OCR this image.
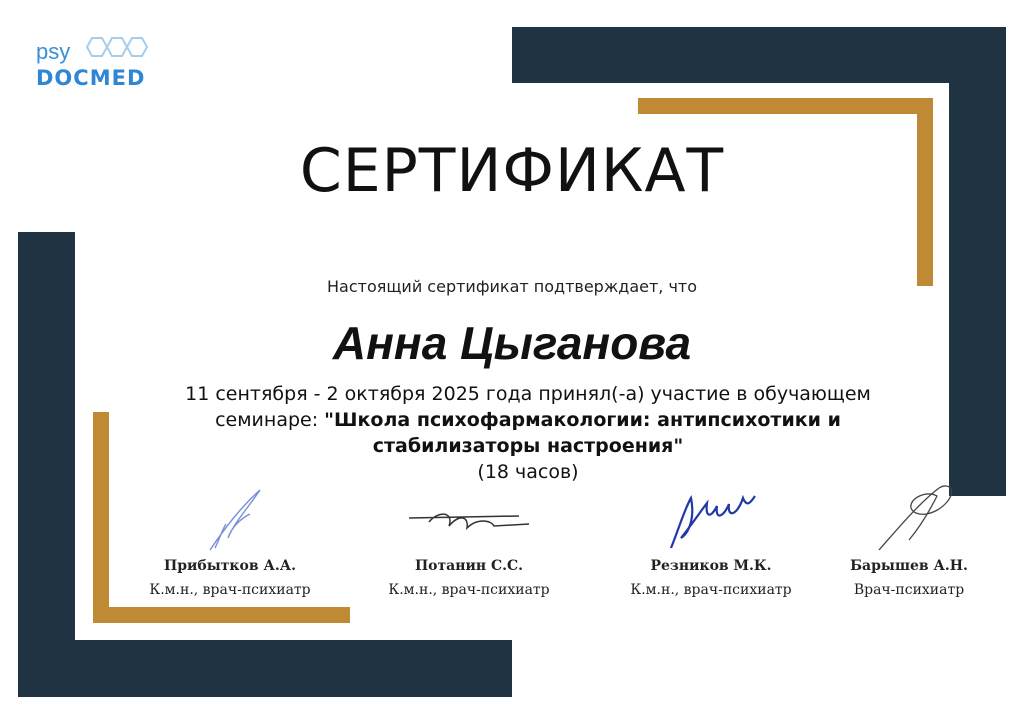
psy
DOCMED
СЕРТИФИКАТ
Настоящий сертификат подтверждает, что
Анна Цыганова
11 сентября - 2 октября 2025 года принял(-а) участие в обучающем
семинаре: "Школа психофармакологии: антипсихотики и стабилизаторы настроения"
(18 часов)
Прибытков А.А.
К.м.н., врач-психиатр
Потанин С.С.
К.м.н., врач-психиатр
Резников М.К.
К.м.н., врач-психиатр
Барышев А.Н.
Врач-психиатр
